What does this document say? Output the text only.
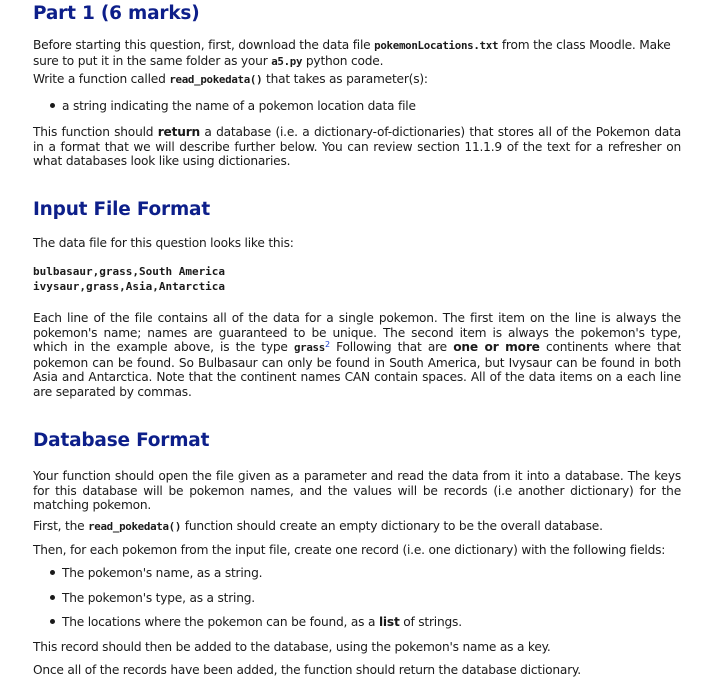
Part 1 (6 marks)

Before starting this question, first, download the data file pokemonLocations.txt from the class Moodle. Make sure to put it in the same folder as your a5.py python code.

Write a function called read_pokedata() that takes as parameter(s):

a string indicating the name of a pokemon location data file

This function should return a database (i.e. a dictionary-of-dictionaries) that stores all of the Pokemon data in a format that we will describe further below. You can review section 11.1.9 of the text for a refresher on what databases look like using dictionaries.

Input File Format

The data file for this question looks like this:

bulbasaur,grass,South America
ivysaur,grass,Asia,Antarctica

Each line of the file contains all of the data for a single pokemon. The first item on the line is always the pokemon's name; names are guaranteed to be unique. The second item is always the pokemon's type, which in the example above, is the type grass$^2$ Following that are one or more continents where that pokemon can be found. So Bulbasaur can only be found in South America, but Ivysaur can be found in both Asia and Antarctica. Note that the continent names CAN contain spaces. All of the data items on a each line are separated by commas.

Database Format

Your function should open the file given as a parameter and read the data from it into a database. The keys for this database will be pokemon names, and the values will be records (i.e another dictionary) for the matching pokemon.

First, the read_pokedata() function should create an empty dictionary to be the overall database.

Then, for each pokemon from the input file, create one record (i.e. one dictionary) with the following fields:

The pokemon's name, as a string.
The pokemon's type, as a string.
The locations where the pokemon can be found, as a list of strings.

This record should then be added to the database, using the pokemon's name as a key.

Once all of the records have been added, the function should return the database dictionary.
